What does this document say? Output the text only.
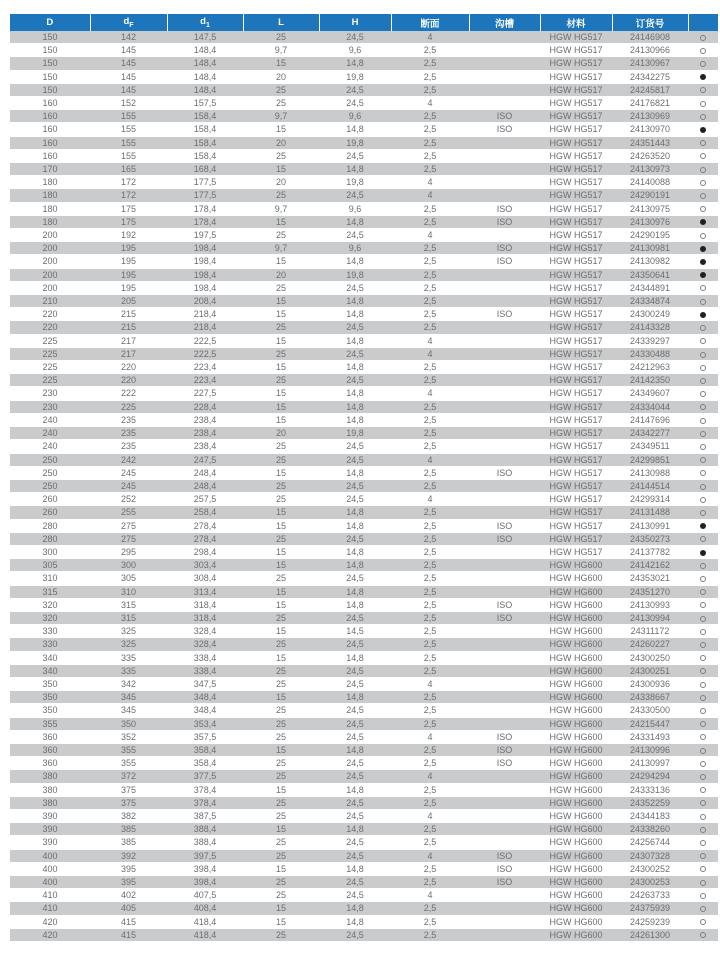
D	$d_F$	$d_1$	L	H	断面	沟槽	材料	订货号	
150	142	147,5	25	24,5	4		HGW HG517	24146908	
150	145	148,4	9,7	9,6	2,5		HGW HG517	24130966	
150	145	148,4	15	14,8	2,5		HGW HG517	24130967	
150	145	148,4	20	19,8	2,5		HGW HG517	24342275	
150	145	148,4	25	24,5	2,5		HGW HG517	24245817	
160	152	157,5	25	24,5	4		HGW HG517	24176821	
160	155	158,4	9,7	9,6	2,5	ISO	HGW HG517	24130969	
160	155	158,4	15	14,8	2,5	ISO	HGW HG517	24130970	
160	155	158,4	20	19,8	2,5		HGW HG517	24351443	
160	155	158,4	25	24,5	2,5		HGW HG517	24263520	
170	165	168,4	15	14,8	2,5		HGW HG517	24130973	
180	172	177,5	20	19,8	4		HGW HG517	24140088	
180	172	177,5	25	24,5	4		HGW HG517	24290191	
180	175	178,4	9,7	9,6	2,5	ISO	HGW HG517	24130975	
180	175	178,4	15	14,8	2,5	ISO	HGW HG517	24130976	
200	192	197,5	25	24,5	4		HGW HG517	24290195	
200	195	198,4	9,7	9,6	2,5	ISO	HGW HG517	24130981	
200	195	198,4	15	14,8	2,5	ISO	HGW HG517	24130982	
200	195	198,4	20	19,8	2,5		HGW HG517	24350641	
200	195	198,4	25	24,5	2,5		HGW HG517	24344891	
210	205	208,4	15	14,8	2,5		HGW HG517	24334874	
220	215	218,4	15	14,8	2,5	ISO	HGW HG517	24300249	
220	215	218,4	25	24,5	2,5		HGW HG517	24143328	
225	217	222,5	15	14,8	4		HGW HG517	24339297	
225	217	222,5	25	24,5	4		HGW HG517	24330488	
225	220	223,4	15	14,8	2,5		HGW HG517	24212963	
225	220	223,4	25	24,5	2,5		HGW HG517	24142350	
230	222	227,5	15	14,8	4		HGW HG517	24349607	
230	225	228,4	15	14,8	2,5		HGW HG517	24334044	
240	235	238,4	15	14,8	2,5		HGW HG517	24147696	
240	235	238,4	20	19,8	2,5		HGW HG517	24342277	
240	235	238,4	25	24,5	2,5		HGW HG517	24349511	
250	242	247,5	25	24,5	4		HGW HG517	24299851	
250	245	248,4	15	14,8	2,5	ISO	HGW HG517	24130988	
250	245	248,4	25	24,5	2,5		HGW HG517	24144514	
260	252	257,5	25	24,5	4		HGW HG517	24299314	
260	255	258,4	15	14,8	2,5		HGW HG517	24131488	
280	275	278,4	15	14,8	2,5	ISO	HGW HG517	24130991	
280	275	278,4	25	24,5	2,5	ISO	HGW HG517	24350273	
300	295	298,4	15	14,8	2,5		HGW HG517	24137782	
305	300	303,4	15	14,8	2,5		HGW HG600	24142162	
310	305	308,4	25	24,5	2,5		HGW HG600	24353021	
315	310	313,4	15	14,8	2,5		HGW HG600	24351270	
320	315	318,4	15	14,8	2,5	ISO	HGW HG600	24130993	
320	315	318,4	25	24,5	2,5	ISO	HGW HG600	24130994	
330	325	328,4	15	14,5	2,5		HGW HG600	24311172	
330	325	328,4	25	24,5	2,5		HGW HG600	24260227	
340	335	338,4	15	14,8	2,5		HGW HG600	24300250	
340	335	338,4	25	24,5	2,5		HGW HG600	24300251	
350	342	347,5	25	24,5	4		HGW HG600	24300936	
350	345	348,4	15	14,8	2,5		HGW HG600	24338667	
350	345	348,4	25	24,5	2,5		HGW HG600	24330500	
355	350	353,4	25	24,5	2,5		HGW HG600	24215447	
360	352	357,5	25	24,5	4	ISO	HGW HG600	24331493	
360	355	358,4	15	14,8	2,5	ISO	HGW HG600	24130996	
360	355	358,4	25	24,5	2,5	ISO	HGW HG600	24130997	
380	372	377,5	25	24,5	4		HGW HG600	24294294	
380	375	378,4	15	14,8	2,5		HGW HG600	24333136	
380	375	378,4	25	24,5	2,5		HGW HG600	24352259	
390	382	387,5	25	24,5	4		HGW HG600	24344183	
390	385	388,4	15	14,8	2,5		HGW HG600	24338260	
390	385	388,4	25	24,5	2,5		HGW HG600	24256744	
400	392	397,5	25	24,5	4	ISO	HGW HG600	24307328	
400	395	398,4	15	14,8	2,5	ISO	HGW HG600	24300252	
400	395	398,4	25	24,5	2,5	ISO	HGW HG600	24300253	
410	402	407,5	25	24,5	4		HGW HG600	24263733	
410	405	408,4	15	14,8	2,5		HGW HG600	24375939	
420	415	418,4	15	14,8	2,5		HGW HG600	24259239	
420	415	418,4	25	24,5	2,5		HGW HG600	24261300	
